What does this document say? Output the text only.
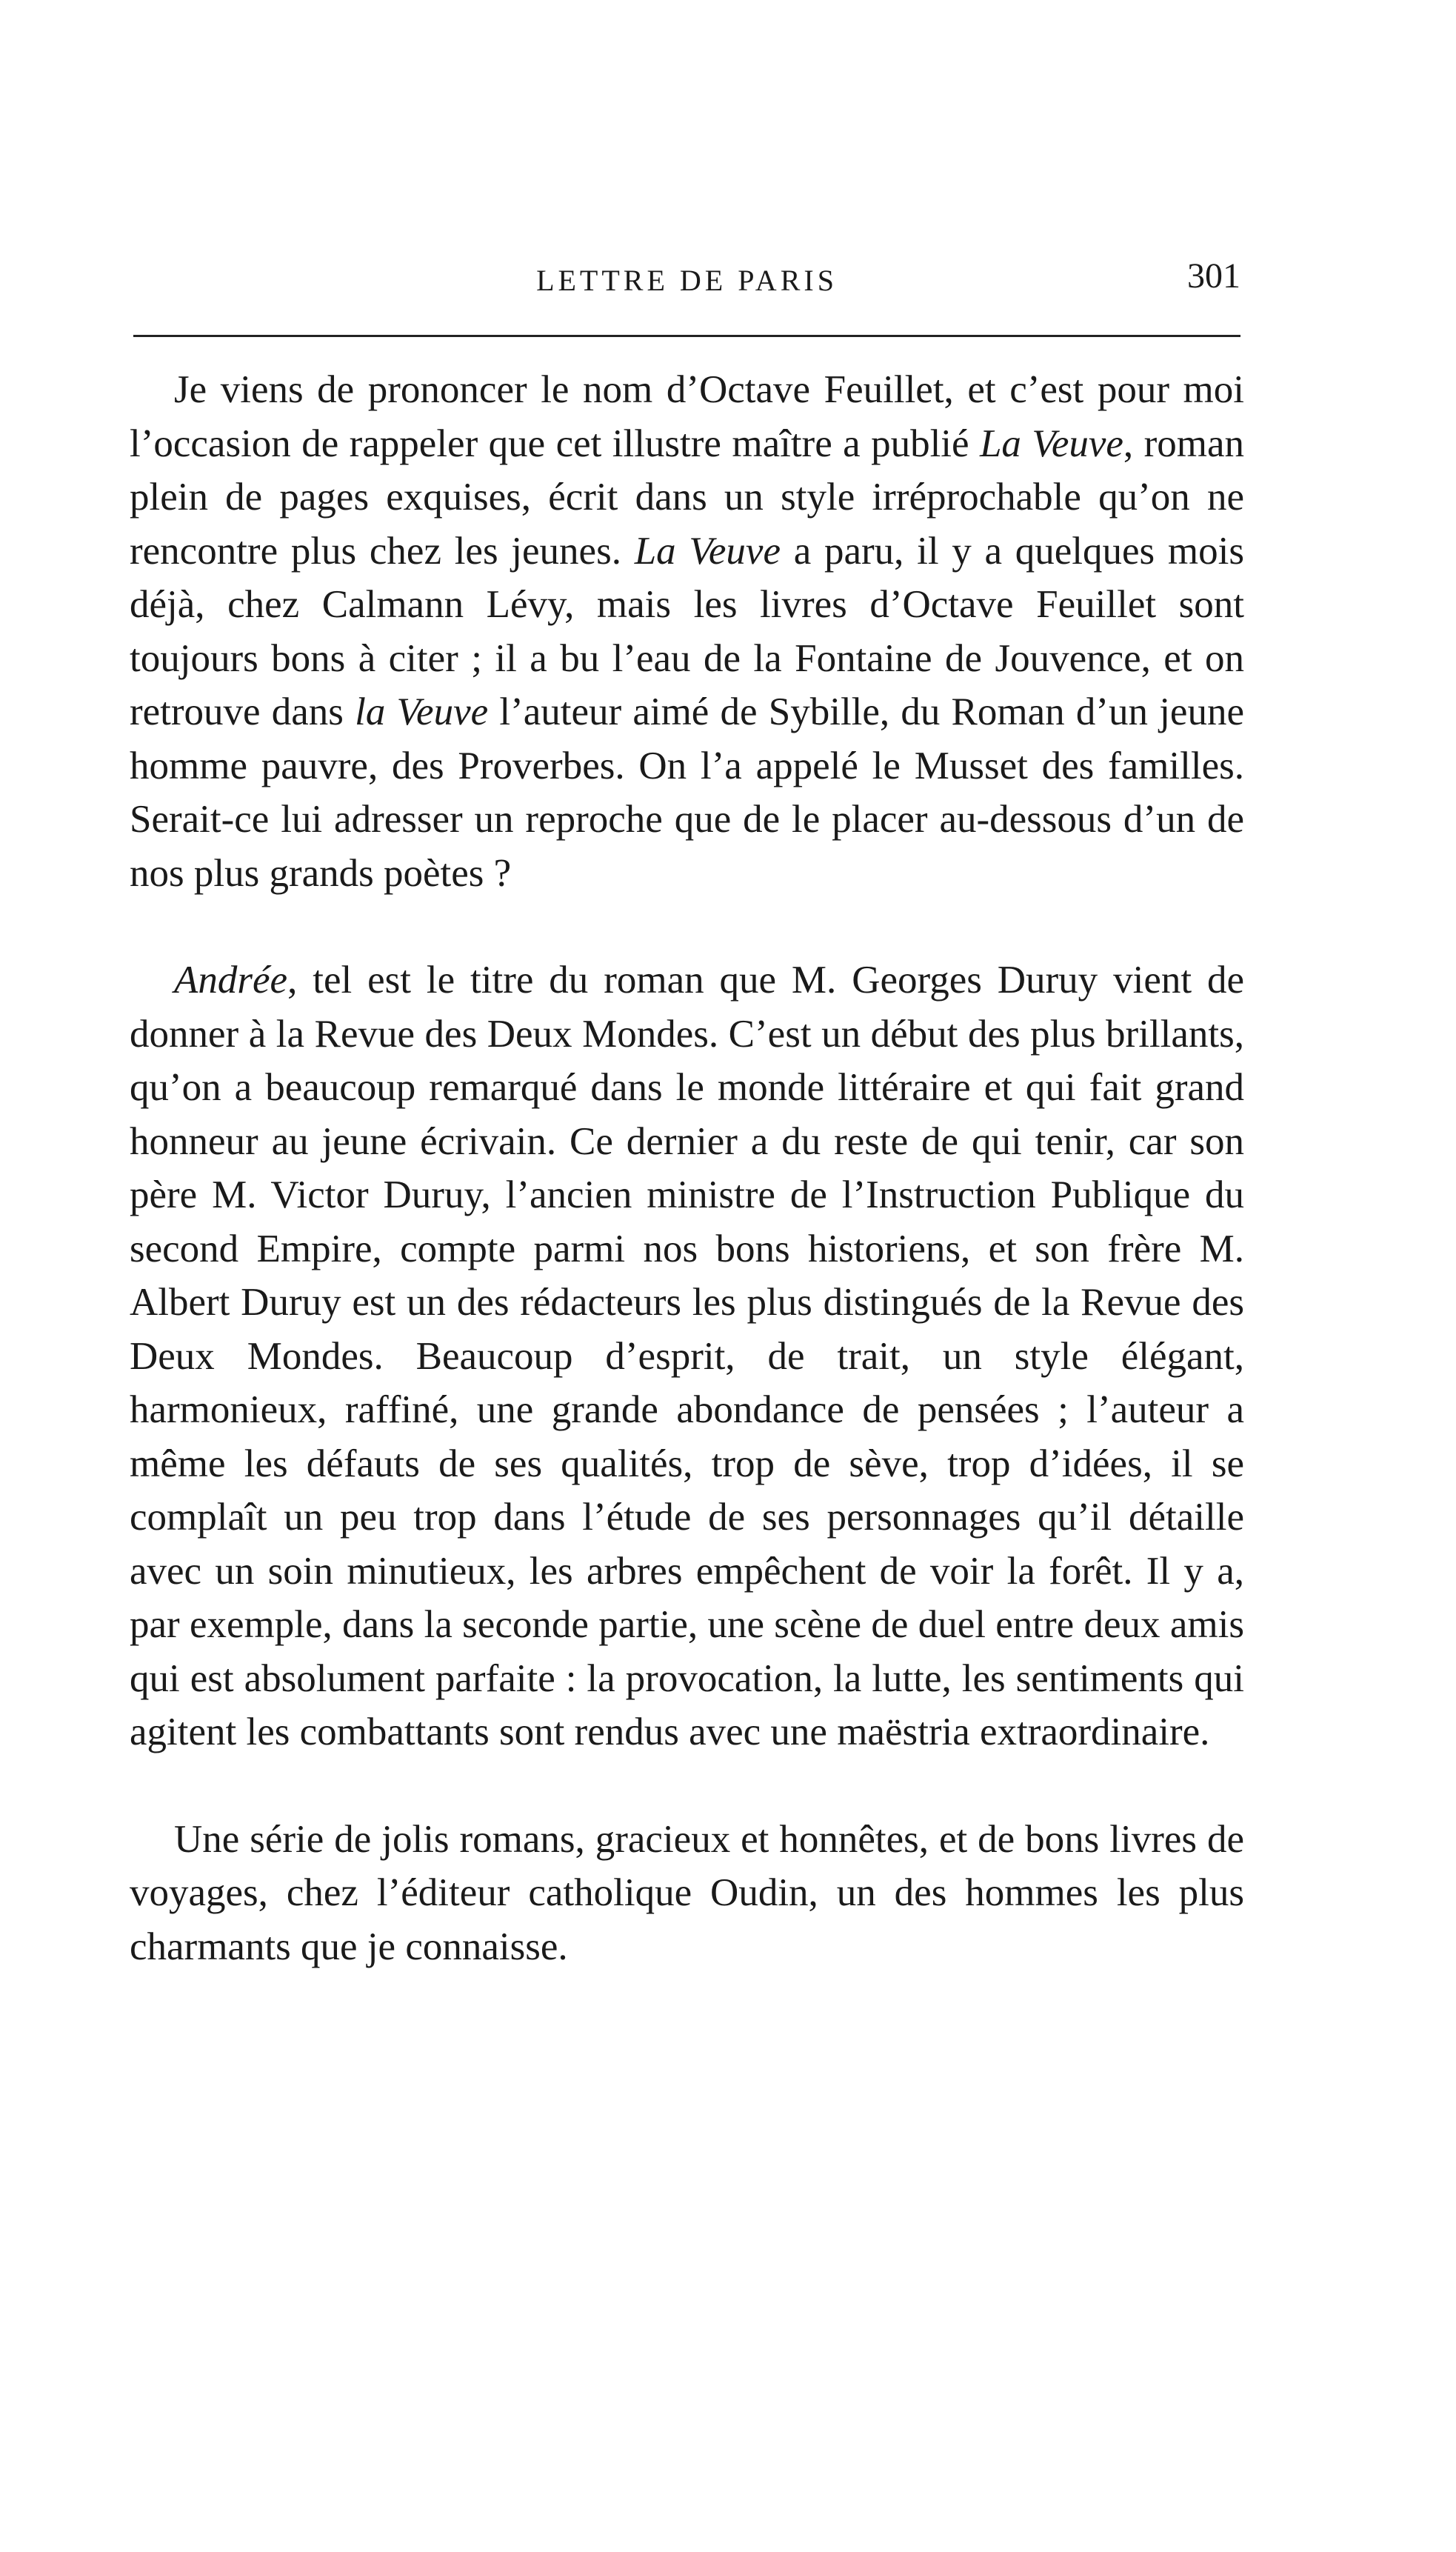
LETTRE DE PARIS	301

Je viens de prononcer le nom d’Octave Feuillet, et c’est pour moi l’occasion de rappeler que cet illustre maître a publié La Veuve, roman plein de pages exquises, écrit dans un style irréprochable qu’on ne rencontre plus chez les jeunes. La Veuve a paru, il y a quelques mois déjà, chez Calmann Lévy, mais les livres d’Octave Feuillet sont toujours bons à citer ; il a bu l’eau de la Fontaine de Jouvence, et on retrouve dans la Veuve l’auteur aimé de Sybille, du Roman d’un jeune homme pauvre, des Proverbes. On l’a appelé le Musset des familles. Serait-ce lui adresser un reproche que de le placer au-dessous d’un de nos plus grands poètes ?

Andrée, tel est le titre du roman que M. Georges Duruy vient de donner à la Revue des Deux Mondes. C’est un début des plus brillants, qu’on a beaucoup remarqué dans le monde littéraire et qui fait grand honneur au jeune écrivain. Ce dernier a du reste de qui tenir, car son père M. Victor Duruy, l’ancien ministre de l’Instruction Publique du second Empire, compte parmi nos bons historiens, et son frère M. Albert Duruy est un des rédacteurs les plus distingués de la Revue des Deux Mondes. Beaucoup d’esprit, de trait, un style élégant, harmonieux, raffiné, une grande abondance de pensées ; l’auteur a même les défauts de ses qualités, trop de sève, trop d’idées, il se complaît un peu trop dans l’étude de ses personnages qu’il détaille avec un soin minutieux, les arbres empêchent de voir la forêt. Il y a, par exemple, dans la seconde partie, une scène de duel entre deux amis qui est absolument parfaite : la provocation, la lutte, les sentiments qui agitent les combattants sont rendus avec une maëstria extraordinaire.

Une série de jolis romans, gracieux et honnêtes, et de bons livres de voyages, chez l’éditeur catholique Oudin, un des hommes les plus charmants que je connaisse.
